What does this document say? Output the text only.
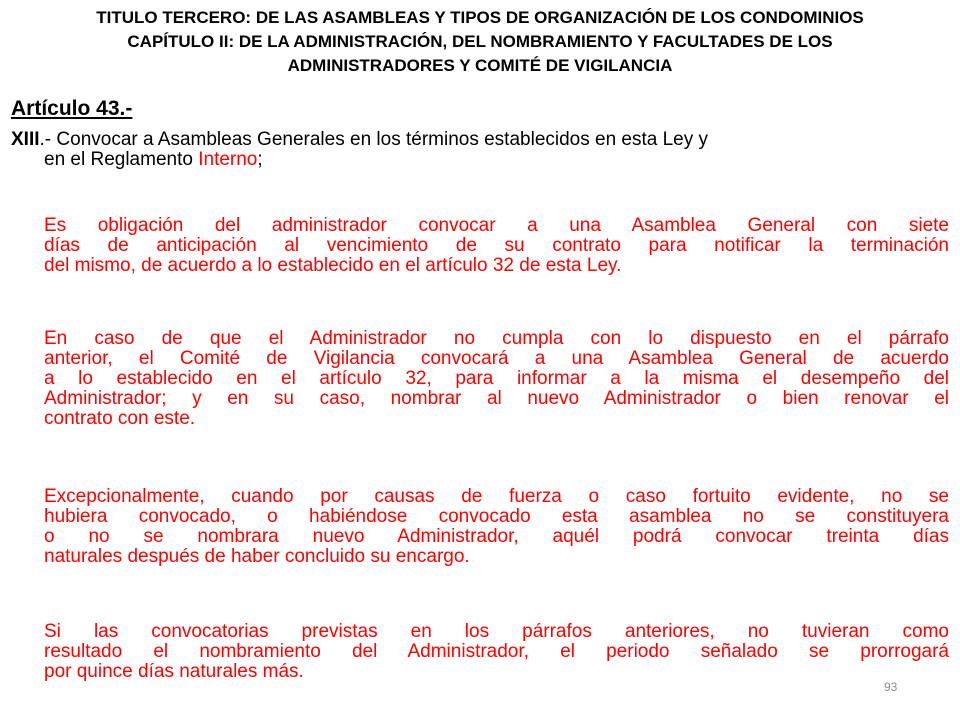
TITULO TERCERO: DE LAS ASAMBLEAS Y TIPOS DE ORGANIZACIÓN DE LOS CONDOMINIOS
CAPÍTULO II: DE LA ADMINISTRACIÓN, DEL NOMBRAMIENTO Y FACULTADES DE LOS
ADMINISTRADORES Y COMITÉ DE VIGILANCIA
Artículo 43.-
XIII.- Convocar a Asambleas Generales en los términos establecidos en esta Ley y
en el Reglamento Interno;
Es obligación del administrador convocar a una Asamblea General con siete
días de anticipación al vencimiento de su contrato para notificar la terminación
del mismo, de acuerdo a lo establecido en el artículo 32 de esta Ley.
En caso de que el Administrador no cumpla con lo dispuesto en el párrafo
anterior, el Comité de Vigilancia convocará a una Asamblea General de acuerdo
a lo establecido en el artículo 32, para informar a la misma el desempeño del
Administrador; y en su caso, nombrar al nuevo Administrador o bien renovar el
contrato con este.
Excepcionalmente, cuando por causas de fuerza o caso fortuito evidente, no se
hubiera convocado, o habiéndose convocado esta asamblea no se constituyera
o no se nombrara nuevo Administrador, aquél podrá convocar treinta días
naturales después de haber concluido su encargo.
Si las convocatorias previstas en los párrafos anteriores, no tuvieran como
resultado el nombramiento del Administrador, el periodo señalado se prorrogará
por quince días naturales más.
93
